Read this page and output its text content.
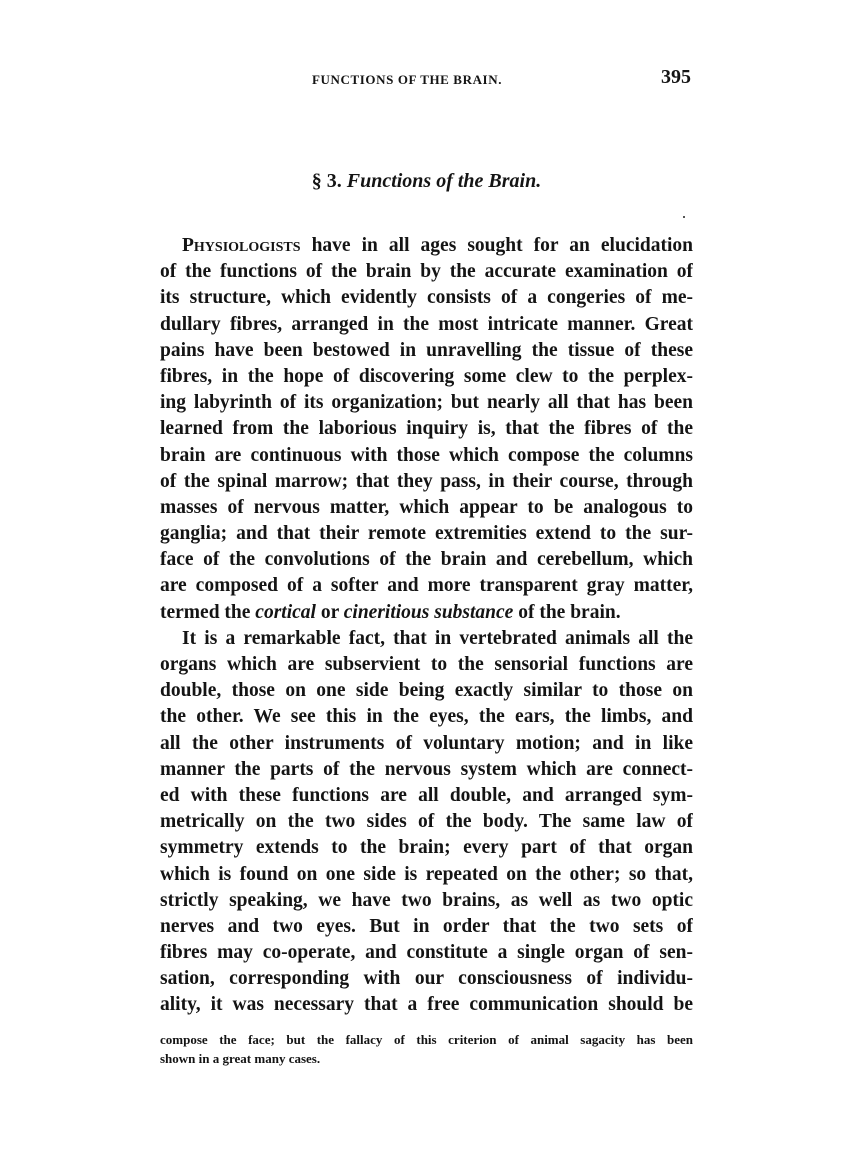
FUNCTIONS OF THE BRAIN.	395
§ 3. Functions of the Brain.
Physiologists have in all ages sought for an elucidation
of the functions of the brain by the accurate examination of
its structure, which evidently consists of a congeries of me-
dullary fibres, arranged in the most intricate manner. Great
pains have been bestowed in unravelling the tissue of these
fibres, in the hope of discovering some clew to the perplex-
ing labyrinth of its organization; but nearly all that has been
learned from the laborious inquiry is, that the fibres of the
brain are continuous with those which compose the columns
of the spinal marrow; that they pass, in their course, through
masses of nervous matter, which appear to be analogous to
ganglia; and that their remote extremities extend to the sur-
face of the convolutions of the brain and cerebellum, which
are composed of a softer and more transparent gray matter,
termed the cortical or cineritious substance of the brain.
It is a remarkable fact, that in vertebrated animals all the
organs which are subservient to the sensorial functions are
double, those on one side being exactly similar to those on
the other. We see this in the eyes, the ears, the limbs, and
all the other instruments of voluntary motion; and in like
manner the parts of the nervous system which are connect-
ed with these functions are all double, and arranged sym-
metrically on the two sides of the body. The same law of
symmetry extends to the brain; every part of that organ
which is found on one side is repeated on the other; so that,
strictly speaking, we have two brains, as well as two optic
nerves and two eyes. But in order that the two sets of
fibres may co-operate, and constitute a single organ of sen-
sation, corresponding with our consciousness of individu-
ality, it was necessary that a free communication should be
compose the face; but the fallacy of this criterion of animal sagacity has been
shown in a great many cases.
